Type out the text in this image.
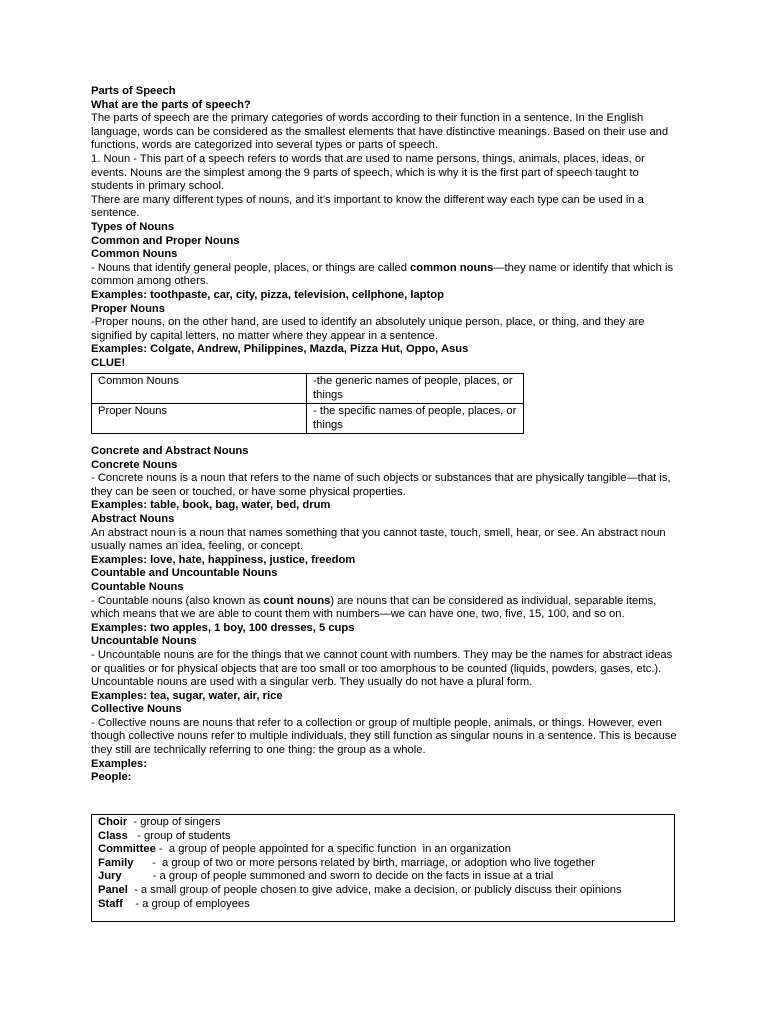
Parts of Speech

What are the parts of speech?

The parts of speech are the primary categories of words according to their function in a sentence. In the English language, words can be considered as the smallest elements that have distinctive meanings. Based on their use and functions, words are categorized into several types or parts of speech.

1. Noun - This part of a speech refers to words that are used to name persons, things, animals, places, ideas, or events. Nouns are the simplest among the 9 parts of speech, which is why it is the first part of speech taught to students in primary school.

There are many different types of nouns, and it’s important to know the different way each type can be used in a sentence.

Types of Nouns

Common and Proper Nouns

Common Nouns

- Nouns that identify general people, places, or things are called common nouns—they name or identify that which is common among others.

Examples: toothpaste, car, city, pizza, television, cellphone, laptop

Proper Nouns

-Proper nouns, on the other hand, are used to identify an absolutely unique person, place, or thing, and they are signified by capital letters, no matter where they appear in a sentence.

Examples: Colgate, Andrew, Philippines, Mazda, Pizza Hut, Oppo, Asus

CLUE!

Common Nouns	-the generic names of people, places, or things
Proper Nouns	- the specific names of people, places, or things

Concrete and Abstract Nouns

Concrete Nouns

- Concrete nouns is a noun that refers to the name of such objects or substances that are physically tangible—that is, they can be seen or touched, or have some physical properties.

Examples: table, book, bag, water, bed, drum

Abstract Nouns

An abstract noun is a noun that names something that you cannot taste, touch, smell, hear, or see. An abstract noun usually names an idea, feeling, or concept.

Examples: love, hate, happiness, justice, freedom

Countable and Uncountable Nouns

Countable Nouns

- Countable nouns (also known as count nouns) are nouns that can be considered as individual, separable items, which means that we are able to count them with numbers—we can have one, two, five, 15, 100, and so on.

Examples: two apples, 1 boy, 100 dresses, 5 cups

Uncountable Nouns

- Uncountable nouns are for the things that we cannot count with numbers. They may be the names for abstract ideas or qualities or for physical objects that are too small or too amorphous to be counted (liquids, powders, gases, etc.). Uncountable nouns are used with a singular verb. They usually do not have a plural form.

Examples: tea, sugar, water, air, rice

Collective Nouns

- Collective nouns are nouns that refer to a collection or group of multiple people, animals, or things. However, even though collective nouns refer to multiple individuals, they still function as singular nouns in a sentence. This is because they still are technically referring to one thing: the group as a whole.

Examples:

People:

Choir  - group of singers

Class   - group of students

Committee -  a group of people appointed for a specific function  in an organization

Family      -  a group of two or more persons related by birth, marriage, or adoption who live together

Jury          - a group of people summoned and sworn to decide on the facts in issue at a trial

Panel  - a small group of people chosen to give advice, make a decision, or publicly discuss their opinions

Staff    - a group of employees
